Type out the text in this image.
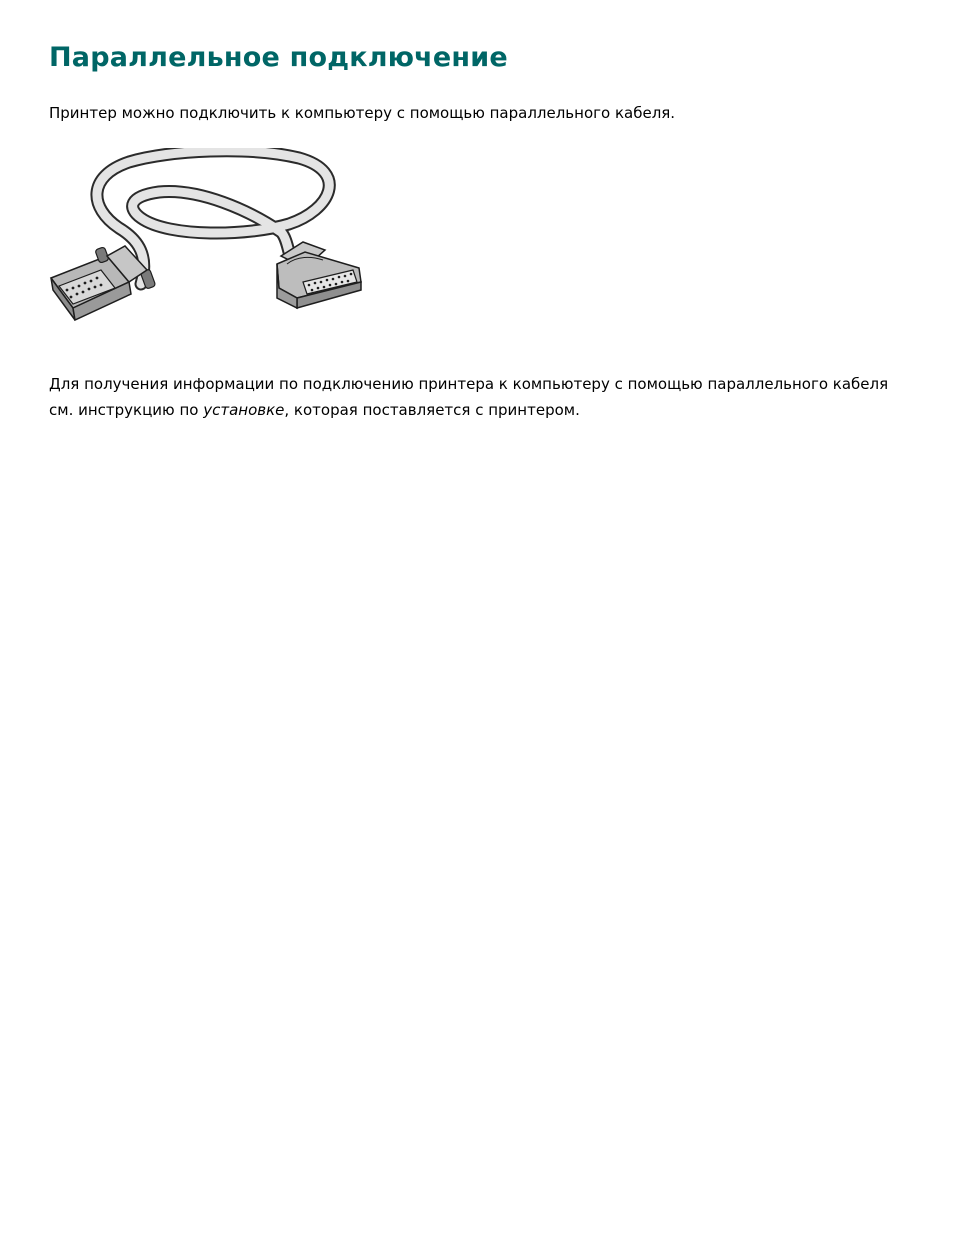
Параллельное подключение

Принтер можно подключить к компьютеру с помощью параллельного кабеля.

Для получения информации по подключению принтера к компьютеру с помощью параллельного кабеля см. инструкцию по установке, которая поставляется с принтером.
